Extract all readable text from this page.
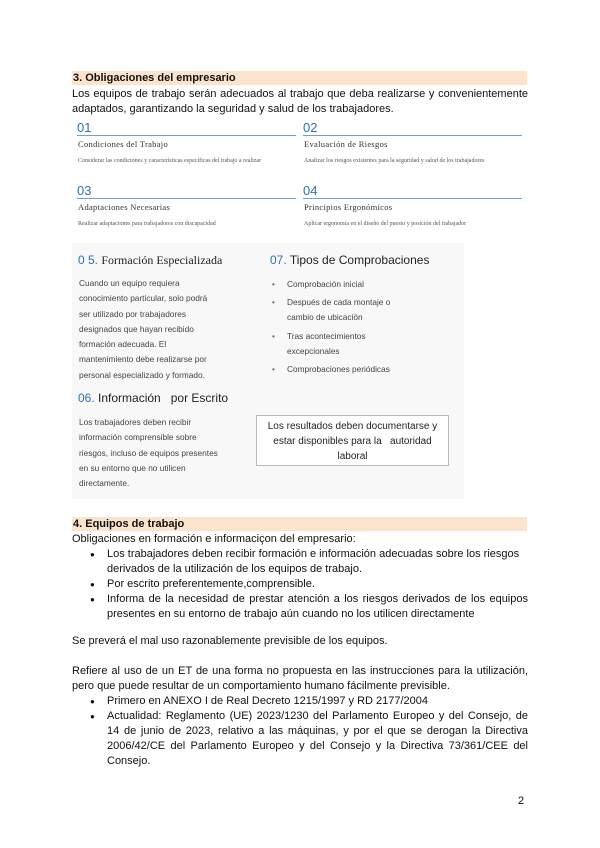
3. Obligaciones del empresario
Los equipos de trabajo serán adecuados al trabajo que deba realizarse y convenientemente adaptados, garantizando la seguridad y salud de los trabajadores.
01
Condiciones del Trabajo
Considerar las condiciones y características específicas del trabajo a realizar
02
Evaluación de Riesgos
Analizar los riesgos existentes para la seguridad y salud de los trabajadores
03
Adaptaciones Necesarias
Realizar adaptaciones para trabajadores con discapacidad
04
Principios Ergonómicos
Aplicar ergonomía en el diseño del puesto y posición del trabajador
0 5. Formación Especializada
Cuando un equipo requiera
conocimiento particular, solo podrá
ser utilizado por trabajadores
designados que hayan recibido
formación adecuada. El
mantenimiento debe realizarse por
personal especializado y formado.
06. Información   por Escrito
Los trabajadores deben recibir
información comprensible sobre
riesgos, incluso de equipos presentes
en su entorno que no utilicen
directamente.
07. Tipos de Comprobaciones
• Comprobación inicial
• Después de cada montaje o
cambio de ubicación
• Tras acontecimientos
excepcionales
• Comprobaciones periódicas
Los resultados deben documentarse y
estar disponibles para la   autoridad
laboral
4. Equipos de trabajo
Obligaciones en formación e informaciçon del empresario:
● Los trabajadores deben recibir formación e información adecuadas sobre los riesgos derivados de la utilización de los equipos de trabajo.
● Por escrito preferentemente,comprensible.
● Informa de la necesidad de prestar atención a los riesgos derivados de los equipos presentes en su entorno de trabajo aún cuando no los utilicen directamente
Se preverá el mal uso razonablemente previsible de los equipos.
Refiere al uso de un ET de una forma no propuesta en las instrucciones para la utilización, pero que puede resultar de un comportamiento humano fácilmente previsible.
● Primero en ANEXO I de Real Decreto 1215/1997 y RD 2177/2004
● Actualidad: Reglamento (UE) 2023/1230 del Parlamento Europeo y del Consejo, de 14 de junio de 2023, relativo a las máquinas, y por el que se derogan la Directiva 2006/42/CE del Parlamento Europeo y del Consejo y la Directiva 73/361/CEE del Consejo.
2
